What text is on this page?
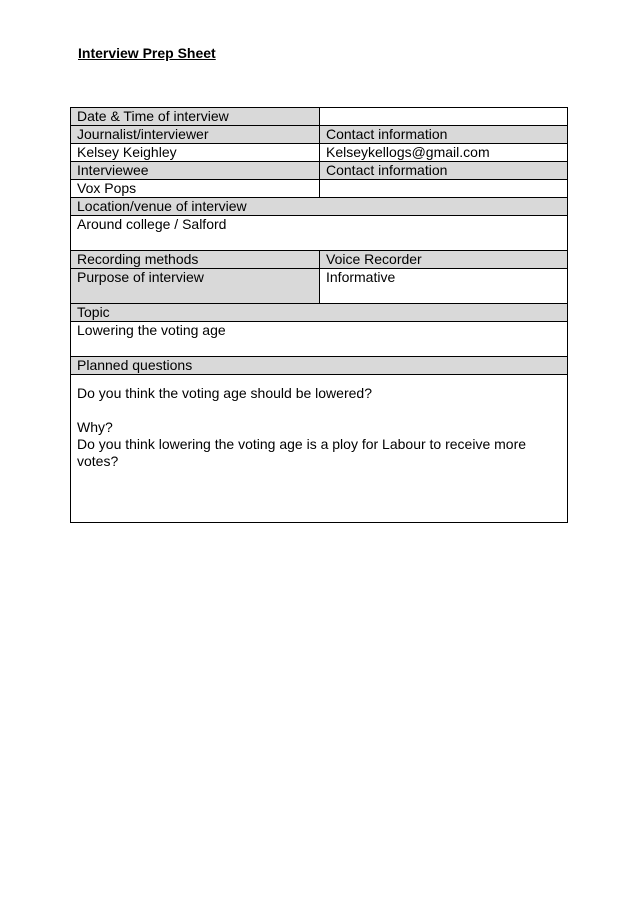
Interview Prep Sheet
Date & Time of interview	
Journalist/interviewer	Contact information
Kelsey Keighley	Kelseykellogs@gmail.com
Interviewee	Contact information
Vox Pops	
Location/venue of interview	
Around college / Salford	
Recording methods	Voice Recorder
Purpose of interview	Informative
Topic	
Lowering the voting age	
Planned questions	

Do you think the voting age should be lowered?

Why?

Do you think lowering the voting age is a ploy for Labour to receive more votes?	
